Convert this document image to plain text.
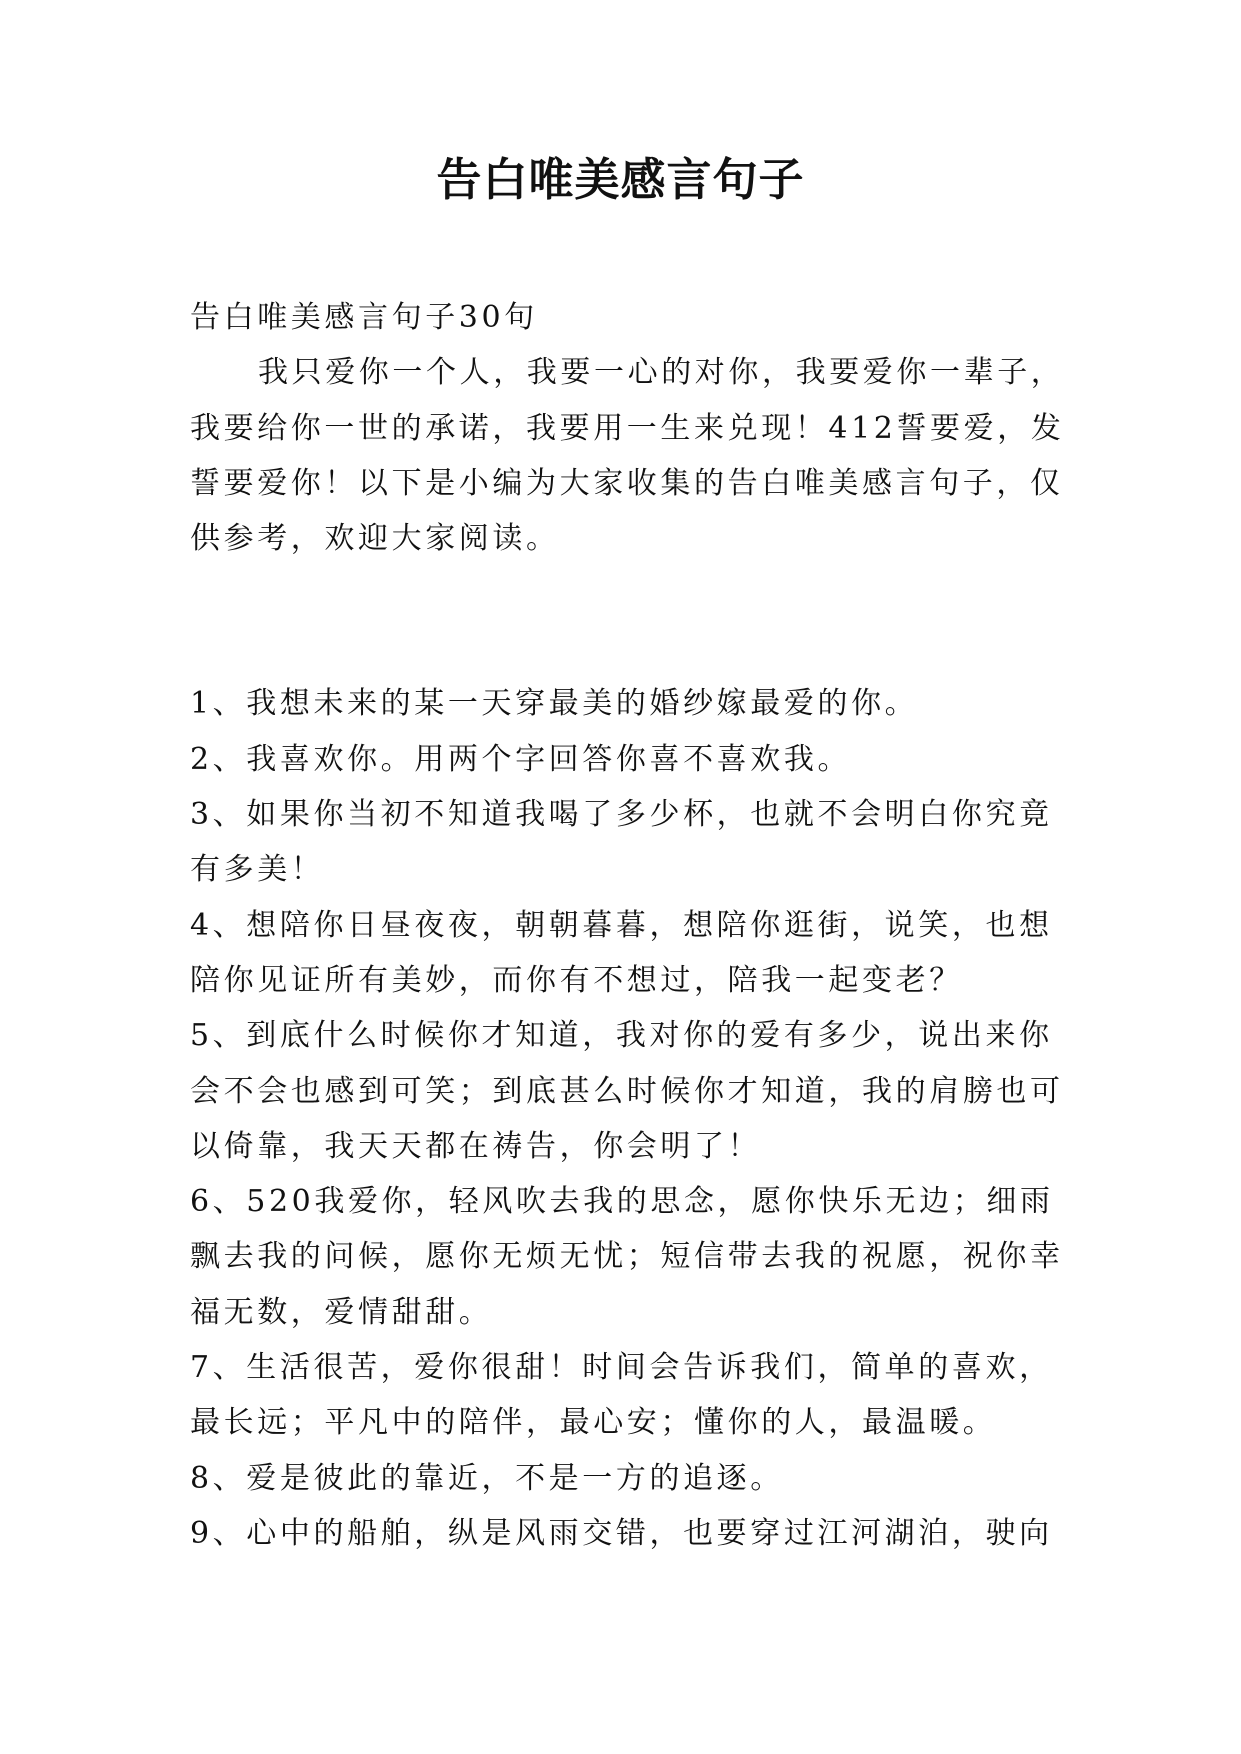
告白唯美感言句子

告白唯美感言句子30句

我只爱你一个人，我要一心的对你，我要爱你一辈子，我要给你一世的承诺，我要用一生来兑现！412誓要爱，发誓要爱你！以下是小编为大家收集的告白唯美感言句子，仅供参考，欢迎大家阅读。

1、我想未来的某一天穿最美的婚纱嫁最爱的你。

2、我喜欢你。用两个字回答你喜不喜欢我。

3、如果你当初不知道我喝了多少杯，也就不会明白你究竟有多美！

4、想陪你日昼夜夜，朝朝暮暮，想陪你逛街，说笑，也想陪你见证所有美妙，而你有不想过，陪我一起变老？

5、到底什么时候你才知道，我对你的爱有多少，说出来你会不会也感到可笑；到底甚么时候你才知道，我的肩膀也可以倚靠，我天天都在祷告，你会明了！

6、520我爱你，轻风吹去我的思念，愿你快乐无边；细雨飘去我的问候，愿你无烦无忧；短信带去我的祝愿，祝你幸福无数，爱情甜甜。

7、生活很苦，爱你很甜！时间会告诉我们，简单的喜欢，最长远；平凡中的陪伴，最心安；懂你的人，最温暖。

8、爱是彼此的靠近，不是一方的追逐。

9、心中的船舶，纵是风雨交错，也要穿过江河湖泊，驶向
